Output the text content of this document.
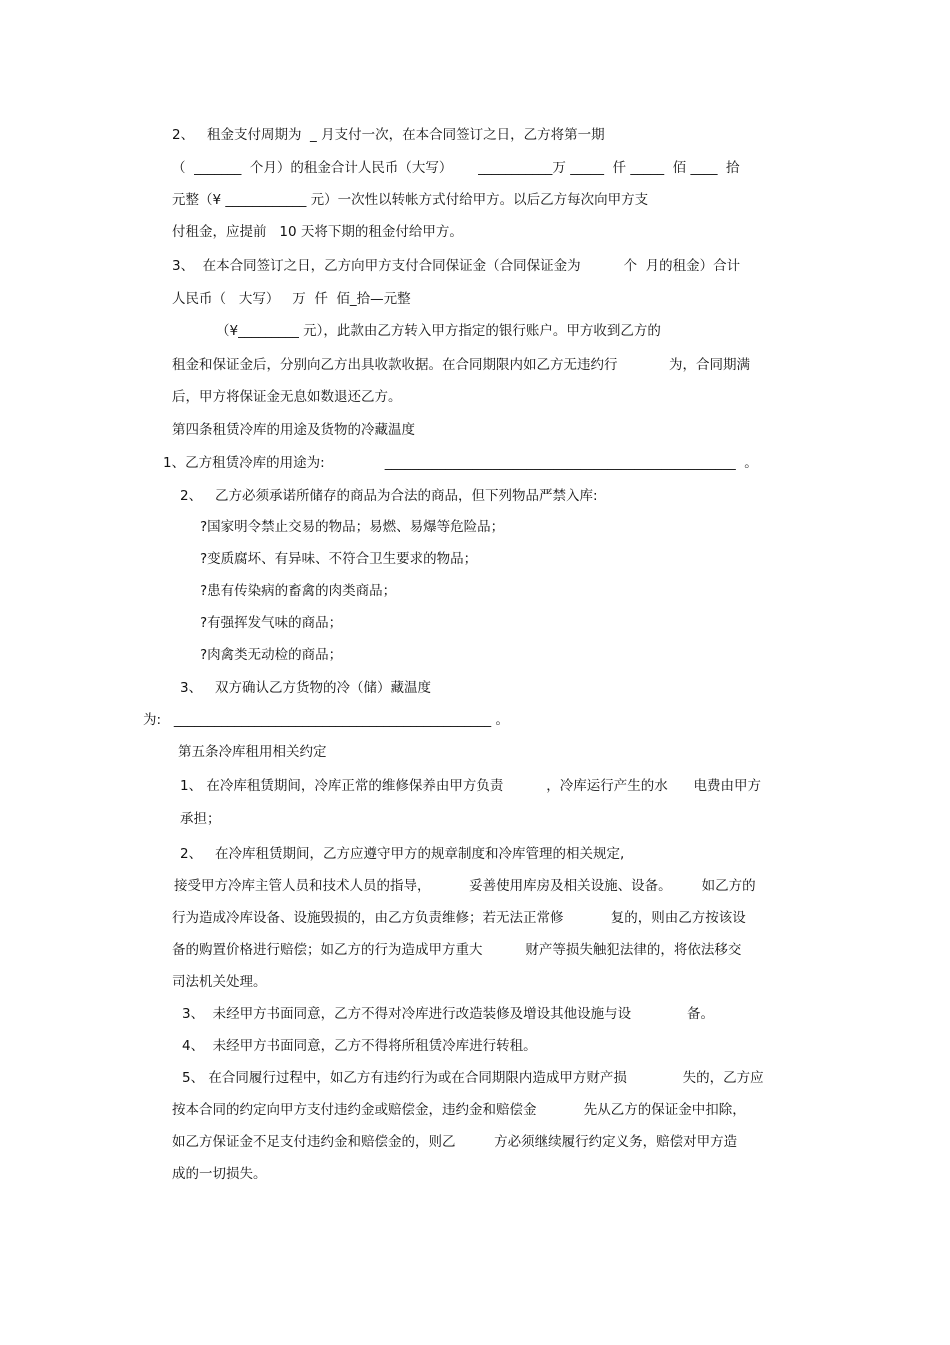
2、   租金支付周期为  _ 月支付一次，在本合同签订之日，乙方将第一期
（  _______  个月）的租金合计人民币（大写）      ___________万 _____  仟 _____  佰 ____  拾
元整（¥ ____________ 元）一次性以转帐方式付给甲方。以后乙方每次向甲方支
付租金，应提前   10 天将下期的租金付给甲方。
3、  在本合同签订之日，乙方向甲方支付合同保证金（合同保证金为          个  月的租金）合计
人民币（   大写）   万  仟  佰_拾—元整
（¥_________ 元），此款由乙方转入甲方指定的银行账户。甲方收到乙方的
租金和保证金后，分别向乙方出具收款收据。在合同期限内如乙方无违约行            为，合同期满
后，甲方将保证金无息如数退还乙方。
第四条租赁冷库的用途及货物的冷藏温度
1、乙方租赁冷库的用途为:              ____________________________________________________  。
2、   乙方必须承诺所储存的商品为合法的商品，但下列物品严禁入库:
?国家明令禁止交易的物品；易燃、易爆等危险品；
?变质腐坏、有异味、不符合卫生要求的物品；
?患有传染病的畜禽的肉类商品；
?有强挥发气味的商品；
?肉禽类无动检的商品；
3、   双方确认乙方货物的冷（储）藏温度
为:   _______________________________________________ 。
第五条冷库租用相关约定
1、 在冷库租赁期间，冷库正常的维修保养由甲方负责          ，冷库运行产生的水      电费由甲方
承担；
2、   在冷库租赁期间，乙方应遵守甲方的规章制度和冷库管理的相关规定,
接受甲方冷库主管人员和技术人员的指导，         妥善使用库房及相关设施、设备。       如乙方的
行为造成冷库设备、设施毁损的，由乙方负责维修；若无法正常修           复的，则由乙方按该设
备的购置价格进行赔偿；如乙方的行为造成甲方重大          财产等损失触犯法律的，将依法移交
司法机关处理。
3、  未经甲方书面同意，乙方不得对冷库进行改造装修及增设其他设施与设             备。
4、  未经甲方书面同意，乙方不得将所租赁冷库进行转租。
5、 在合同履行过程中，如乙方有违约行为或在合同期限内造成甲方财产损             失的，乙方应
按本合同的约定向甲方支付违约金或赔偿金，违约金和赔偿金           先从乙方的保证金中扣除，
如乙方保证金不足支付违约金和赔偿金的，则乙         方必须继续履行约定义务，赔偿对甲方造
成的一切损失。
